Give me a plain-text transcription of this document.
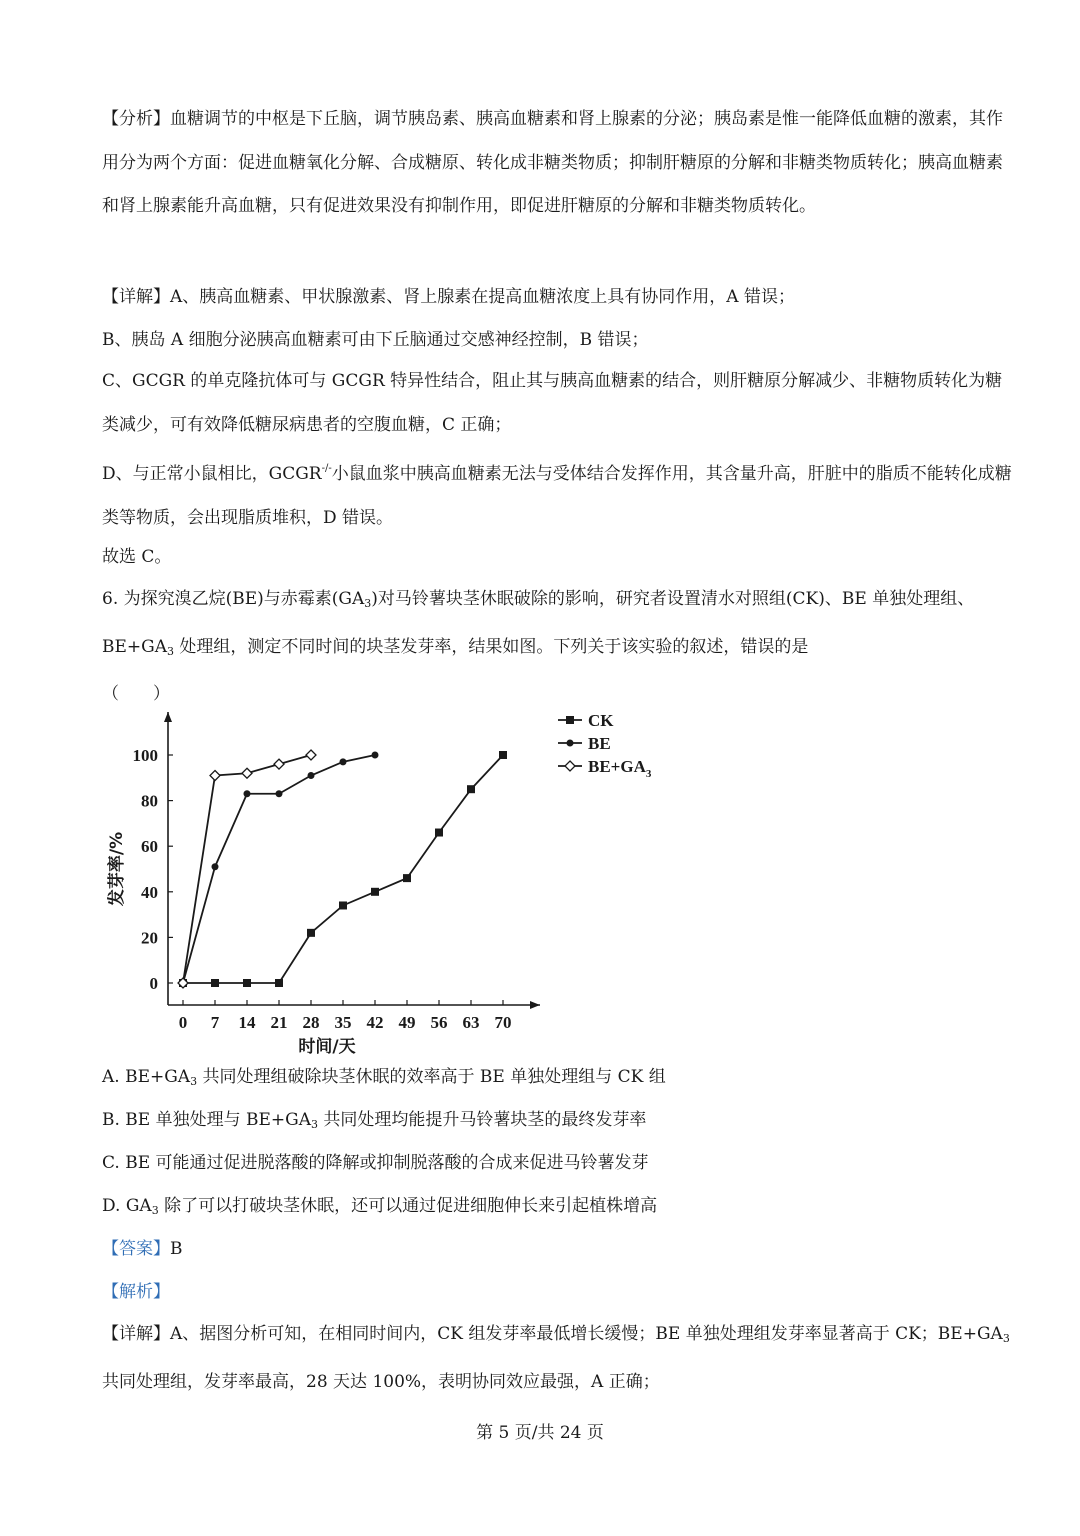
【分析】血糖调节的中枢是下丘脑，调节胰岛素、胰高血糖素和肾上腺素的分泌；胰岛素是惟一能降低血糖的激素，其作用分为两个方面：促进血糖氧化分解、合成糖原、转化成非糖类物质；抑制肝糖原的分解和非糖类物质转化；胰高血糖素和肾上腺素能升高血糖，只有促进效果没有抑制作用，即促进肝糖原的分解和非糖类物质转化。

【详解】A、胰高血糖素、甲状腺激素、肾上腺素在提高血糖浓度上具有协同作用，A 错误；

B、胰岛 A 细胞分泌胰高血糖素可由下丘脑通过交感神经控制，B 错误；

C、GCGR 的单克隆抗体可与 GCGR 特异性结合，阻止其与胰高血糖素的结合，则肝糖原分解减少、非糖物质转化为糖类减少，可有效降低糖尿病患者的空腹血糖，C 正确；

D、与正常小鼠相比，GCGR-/-小鼠血浆中胰高血糖素无法与受体结合发挥作用，其含量升高，肝脏中的脂质不能转化成糖类等物质，会出现脂质堆积，D 错误。

故选 C。

6. 为探究溴乙烷(BE)与赤霉素$(GA_3)$对马铃薯块茎休眠破除的影响，研究者设置清水对照组(CK)、BE 单独处理组、$BE+GA_3$ 处理组，测定不同时间的块茎发芽率，结果如图。下列关于该实验的叙述，错误的是
（　　）

0 7 14 21 28 35 42 49 56 63 70
0
20
40
60
80
100
时间/天
发芽率/%
CK
BE
$BE+GA_3$

A. $BE+GA_3$ 共同处理组破除块茎休眠的效率高于 BE 单独处理组与 CK 组

B. BE 单独处理与 $BE+GA_3$ 共同处理均能提升马铃薯块茎的最终发芽率

C. BE 可能通过促进脱落酸的降解或抑制脱落酸的合成来促进马铃薯发芽

D. $GA_3$ 除了可以打破块茎休眠，还可以通过促进细胞伸长来引起植株增高

【答案】B

【解析】

【详解】A、据图分析可知，在相同时间内，CK 组发芽率最低增长缓慢；BE 单独处理组发芽率显著高于 CK；$BE+GA_3$ 共同处理组，发芽率最高，28 天达 100%，表明协同效应最强，A 正确；

第 5 页/共 24 页
